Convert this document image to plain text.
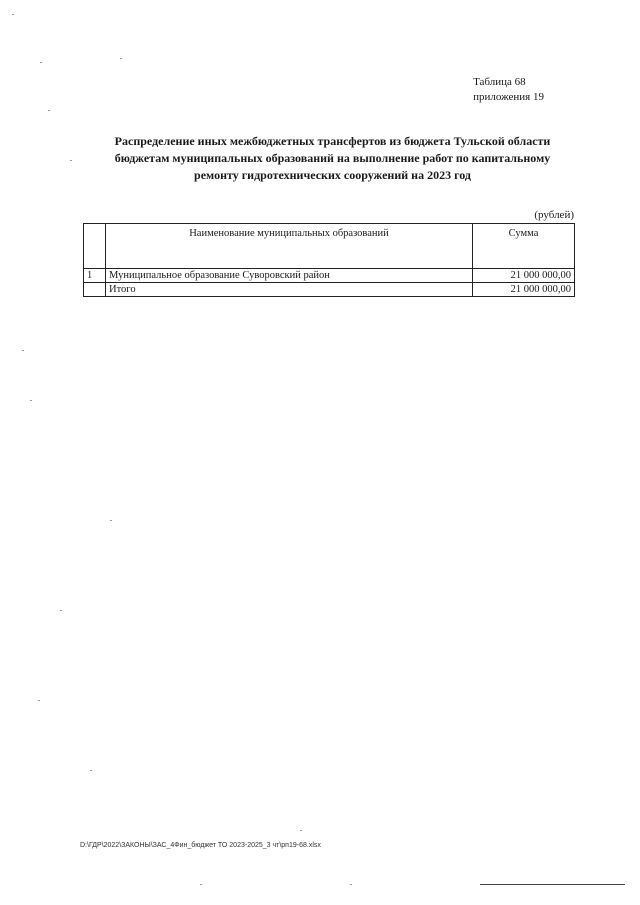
Таблица 68
приложения 19
Распределение иных межбюджетных трансфертов из бюджета Тульской области
бюджетам муниципальных образований на выполнение работ по капитальному
ремонту гидротехнических сооружений на 2023 год
(рублей)
	Наименование муниципальных образований	Сумма
1	Муниципальное образование Суворовский район	21 000 000,00
	Итого	21 000 000,00
D:\ГДР\2022\ЗАКОНЫ\ЗАС_4Фин_бюджет ТО 2023-2025_3 чт\рп19-68.xlsx
